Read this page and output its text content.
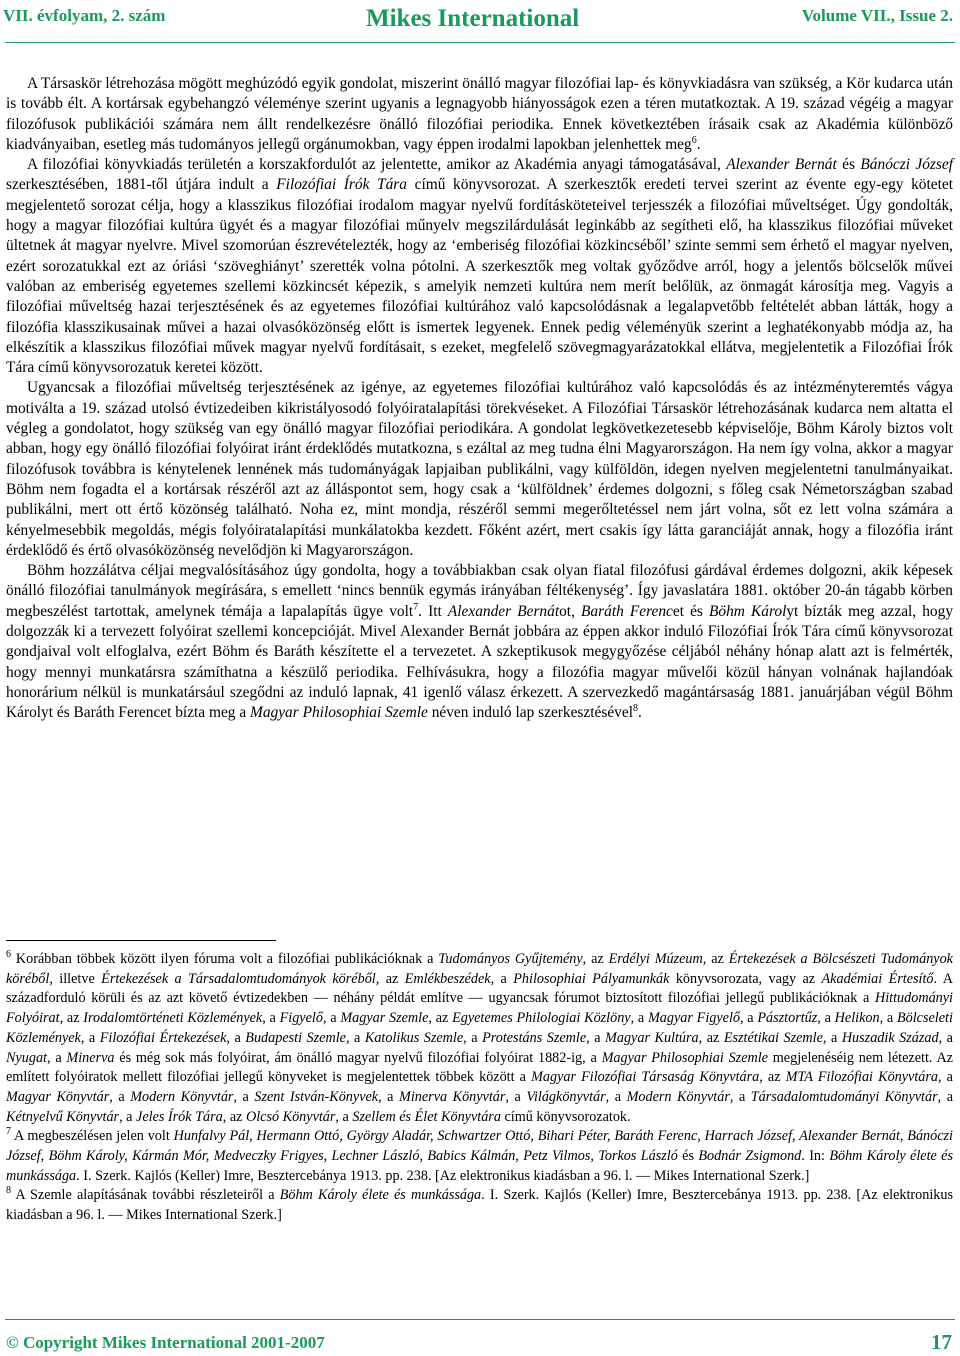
VII. évfolyam, 2. szám	Mikes International	Volume VII., Issue 2.

A Társaskör létrehozása mögött meghúzódó egyik gondolat, miszerint önálló magyar filozófiai lap- és könyvkiadásra van szükség, a Kör kudarca után is tovább élt. A kortársak egybehangzó véleménye szerint ugyanis a legnagyobb hiányosságok ezen a téren mutatkoztak. A 19. század végéig a magyar filozófusok publikációi számára nem állt rendelkezésre önálló filozófiai periodika. Ennek következtében írásaik csak az Akadémia különböző kiadványaiban, esetleg más tudományos jellegű orgánumokban, vagy éppen irodalmi lapokban jelenhettek meg$^6$.

A filozófiai könyvkiadás területén a korszakfordulót az jelentette, amikor az Akadémia anyagi támogatásával, Alexander Bernát és Bánóczi József szerkesztésében, 1881-től útjára indult a Filozófiai Írók Tára című könyvsorozat. A szerkesztők eredeti tervei szerint az évente egy-egy kötetet megjelentető sorozat célja, hogy a klasszikus filozófiai irodalom magyar nyelvű fordításköteteivel terjesszék a filozófiai műveltséget. Úgy gondolták, hogy a magyar filozófiai kultúra ügyét és a magyar filozófiai műnyelv megszilárdulását leginkább az segítheti elő, ha klasszikus filozófiai műveket ültetnek át magyar nyelvre. Mivel szomorúan észrevételezték, hogy az ‘emberiség filozófiai közkincséből’ szinte semmi sem érhető el magyar nyelven, ezért sorozatukkal ezt az óriási ‘szöveghiányt’ szerették volna pótolni. A szerkesztők meg voltak győződve arról, hogy a jelentős bölcselők művei valóban az emberiség egyetemes szellemi közkincsét képezik, s amelyik nemzeti kultúra nem merít belőlük, az önmagát károsítja meg. Vagyis a filozófiai műveltség hazai terjesztésének és az egyetemes filozófiai kultúrához való kapcsolódásnak a legalapvetőbb feltételét abban látták, hogy a filozófia klasszikusainak művei a hazai olvasóközönség előtt is ismertek legyenek. Ennek pedig véleményük szerint a leghatékonyabb módja az, ha elkészítik a klasszikus filozófiai művek magyar nyelvű fordításait, s ezeket, megfelelő szövegmagyarázatokkal ellátva, megjelentetik a Filozófiai Írók Tára című könyvsorozatuk keretei között.

Ugyancsak a filozófiai műveltség terjesztésének az igénye, az egyetemes filozófiai kultúrához való kapcsolódás és az intézményteremtés vágya motiválta a 19. század utolsó évtizedeiben kikristályosodó folyóiratalapítási törekvéseket. A Filozófiai Társaskör létrehozásának kudarca nem altatta el végleg a gondolatot, hogy szükség van egy önálló magyar filozófiai periodikára. A gondolat legkövetkezetesebb képviselője, Böhm Károly biztos volt abban, hogy egy önálló filozófiai folyóirat iránt érdeklődés mutatkozna, s ezáltal az meg tudna élni Magyarországon. Ha nem így volna, akkor a magyar filozófusok továbbra is kénytelenek lennének más tudományágak lapjaiban publikálni, vagy külföldön, idegen nyelven megjelentetni tanulmányaikat. Böhm nem fogadta el a kortársak részéről azt az álláspontot sem, hogy csak a ‘külföldnek’ érdemes dolgozni, s főleg csak Németországban szabad publikálni, mert ott értő közönség található. Noha ez, mint mondja, részéről semmi megerőltetéssel nem járt volna, sőt ez lett volna számára a kényelmesebbik megoldás, mégis folyóiratalapítási munkálatokba kezdett. Főként azért, mert csakis így látta garanciáját annak, hogy a filozófia iránt érdeklődő és értő olvasóközönség nevelődjön ki Magyarországon.

Böhm hozzálátva céljai megvalósításához úgy gondolta, hogy a továbbiakban csak olyan fiatal filozófusi gárdával érdemes dolgozni, akik képesek önálló filozófiai tanulmányok megírására, s emellett ‘nincs bennük egymás irányában féltékenység’. Így javaslatára 1881. október 20-án tágabb körben megbeszélést tartottak, amelynek témája a lapalapítás ügye volt$^7$. Itt Alexander Bernátot, Baráth Ferencet és Böhm Károlyt bízták meg azzal, hogy dolgozzák ki a tervezett folyóirat szellemi koncepcióját. Mivel Alexander Bernát jobbára az éppen akkor induló Filozófiai Írók Tára című könyvsorozat gondjaival volt elfoglalva, ezért Böhm és Baráth készítette el a tervezetet. A szkeptikusok megygyőzése céljából néhány hónap alatt azt is felmérték, hogy mennyi munkatársra számíthatna a készülő periodika. Felhívásukra, hogy a filozófia magyar művelői közül hányan volnának hajlandóak honorárium nélkül is munkatársául szegődni az induló lapnak, 41 igenlő válasz érkezett. A szervezkedő magántársaság 1881. januárjában végül Böhm Károlyt és Baráth Ferencet bízta meg a Magyar Philosophiai Szemle néven induló lap szerkesztésével$^8$.

$^6$ Korábban többek között ilyen fóruma volt a filozófiai publikációknak a Tudományos Gyűjtemény, az Erdélyi Múzeum, az Értekezések a Bölcsészeti Tudományok köréből, illetve Értekezések a Társadalomtudományok köréből, az Emlékbeszédek, a Philosophiai Pályamunkák könyvsorozata, vagy az Akadémiai Értesítő. A századforduló körüli és az azt követő évtizedekben — néhány példát említve — ugyancsak fórumot biztosított filozófiai jellegű publikációknak a Hittudományi Folyóirat, az Irodalomtörténeti Közlemények, a Figyelő, a Magyar Szemle, az Egyetemes Philologiai Közlöny, a Magyar Figyelő, a Pásztortűz, a Helikon, a Bölcseleti Közlemények, a Filozófiai Értekezések, a Budapesti Szemle, a Katolikus Szemle, a Protestáns Szemle, a Magyar Kultúra, az Esztétikai Szemle, a Huszadik Század, a Nyugat, a Minerva és még sok más folyóirat, ám önálló magyar nyelvű filozófiai folyóirat 1882-ig, a Magyar Philosophiai Szemle megjelenéséig nem létezett. Az említett folyóiratok mellett filozófiai jellegű könyveket is megjelentettek többek között a Magyar Filozófiai Társaság Könyvtára, az MTA Filozófiai Könyvtára, a Magyar Könyvtár, a Modern Könyvtár, a Szent István-Könyvek, a Minerva Könyvtár, a Világkönyvtár, a Modern Könyvtár, a Társadalomtudományi Könyvtár, a Kétnyelvű Könyvtár, a Jeles Írók Tára, az Olcsó Könyvtár, a Szellem és Élet Könyvtára című könyvsorozatok.

$^7$ A megbeszélésen jelen volt Hunfalvy Pál, Hermann Ottó, György Aladár, Schwartzer Ottó, Bihari Péter, Baráth Ferenc, Harrach József, Alexander Bernát, Bánóczi József, Böhm Károly, Kármán Mór, Medveczky Frigyes, Lechner László, Babics Kálmán, Petz Vilmos, Torkos László és Bodnár Zsigmond. In: Böhm Károly élete és munkássága. I. Szerk. Kajlós (Keller) Imre, Besztercebánya 1913. pp. 238. [Az elektronikus kiadásban a 96. l. — Mikes International Szerk.]

$^8$ A Szemle alapításának további részleteiről a Böhm Károly élete és munkássága. I. Szerk. Kajlós (Keller) Imre, Besztercebánya 1913. pp. 238. [Az elektronikus kiadásban a 96. l. — Mikes International Szerk.]

© Copyright Mikes International 2001-2007	17
